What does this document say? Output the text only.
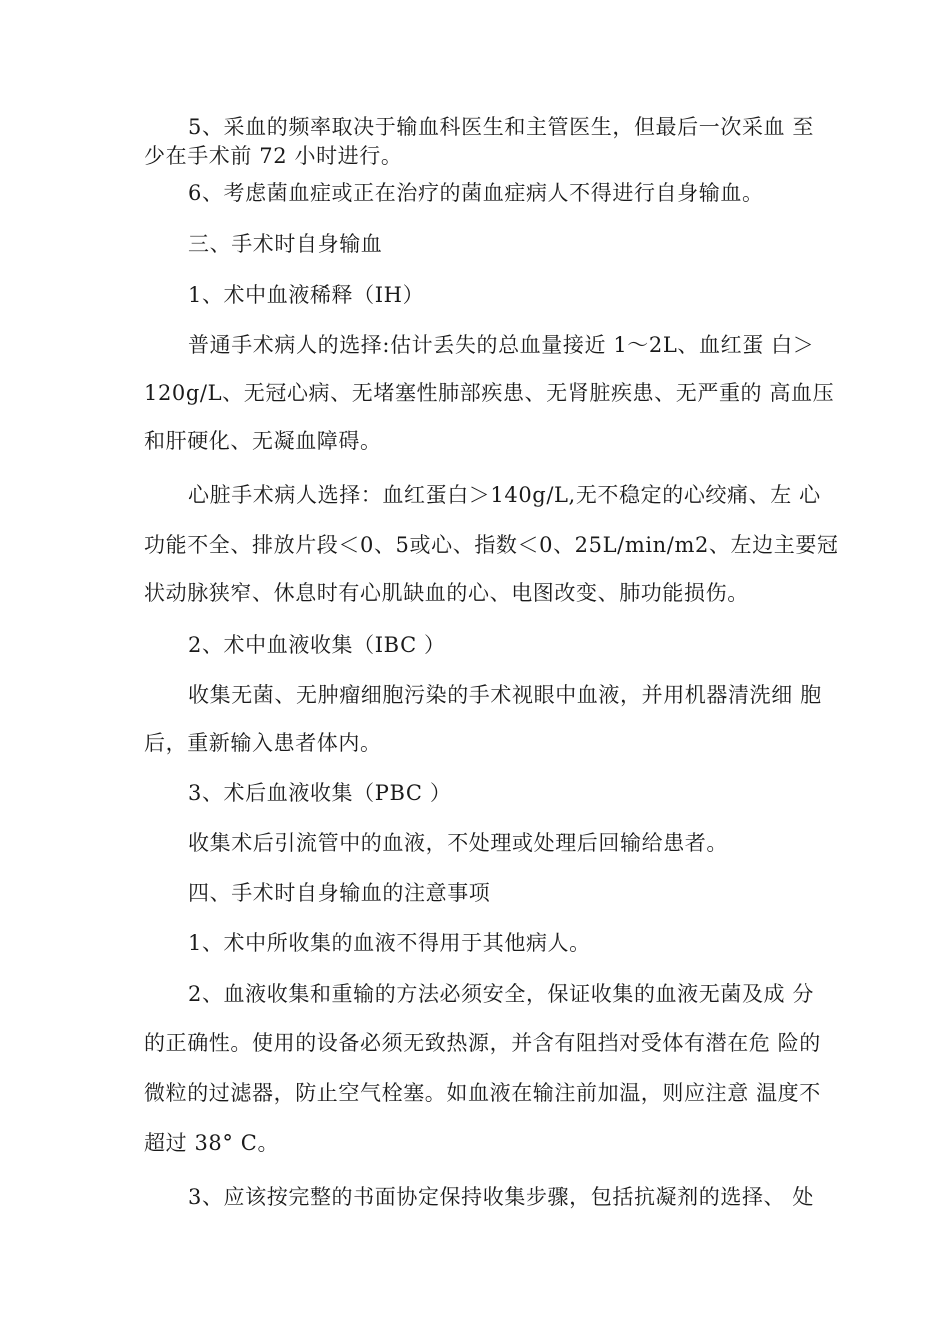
5、采血的频率取决于输血科医生和主管医生，但最后一次采血 至
少在手术前 72 小时进行。
6、考虑菌血症或正在治疗的菌血症病人不得进行自身输血。
三、手术时自身输血
1、术中血液稀释（IH）
普通手术病人的选择:估计丢失的总血量接近 1〜2L、血红蛋 白＞
120g/L、无冠心病、无堵塞性肺部疾患、无肾脏疾患、无严重的 高血压
和肝硬化、无凝血障碍。
心脏手术病人选择：血红蛋白＞140g/L,无不稳定的心绞痛、左 心
功能不全、排放片段＜0、5或心、指数＜0、25L/min/m2、左边主要冠
状动脉狭窄、休息时有心肌缺血的心、电图改变、肺功能损伤。
2、术中血液收集（IBC ）
收集无菌、无肿瘤细胞污染的手术视眼中血液，并用机器清洗细 胞
后，重新输入患者体内。
3、术后血液收集（PBC ）
收集术后引流管中的血液，不处理或处理后回输给患者。
四、手术时自身输血的注意事项
1、术中所收集的血液不得用于其他病人。
2、血液收集和重输的方法必须安全，保证收集的血液无菌及成 分
的正确性。使用的设备必须无致热源，并含有阻挡对受体有潜在危 险的
微粒的过滤器，防止空气栓塞。如血液在输注前加温，则应注意 温度不
超过 38° C。
3、应该按完整的书面协定保持收集步骤，包括抗凝剂的选择、 处
